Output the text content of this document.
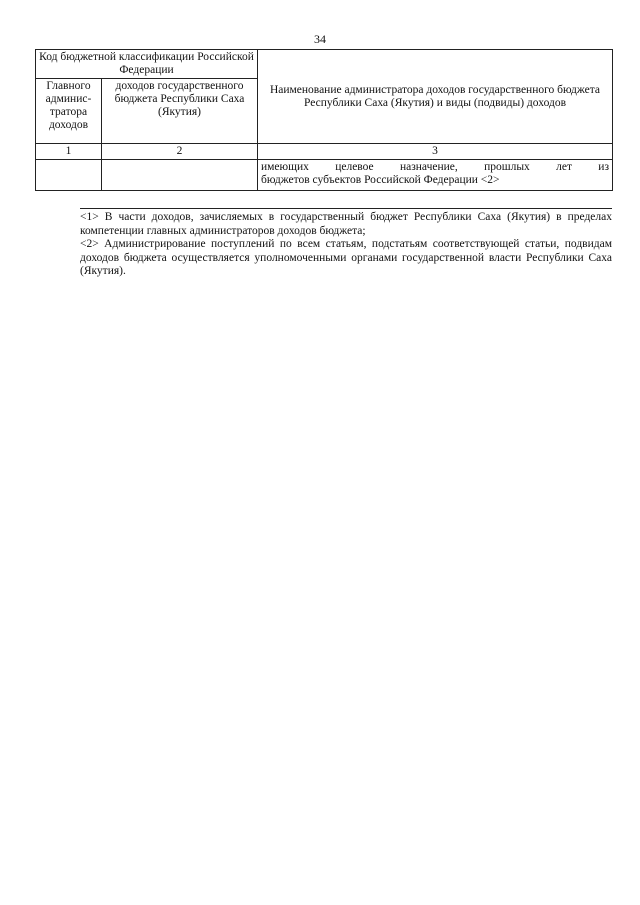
34
Код бюджетной классификации Российской Федерации		Наименование администратора доходов государственного бюджета Республики Саха (Якутия) и виды (подвиды) доходов
Главного админис-тратора доходов	доходов государственного бюджета Республики Саха (Якутия)	
1	2	3

		имеющих целевое назначение, прошлых лет из
бюджетов субъектов Российской Федерации <2>

<1> В части доходов, зачисляемых в государственный бюджет Республики Саха (Якутия) в пределах компетенции главных администраторов доходов бюджета;

<2> Администрирование поступлений по всем статьям, подстатьям соответствующей статьи, подвидам доходов бюджета осуществляется уполномоченными органами государственной власти Республики Саха (Якутия).
